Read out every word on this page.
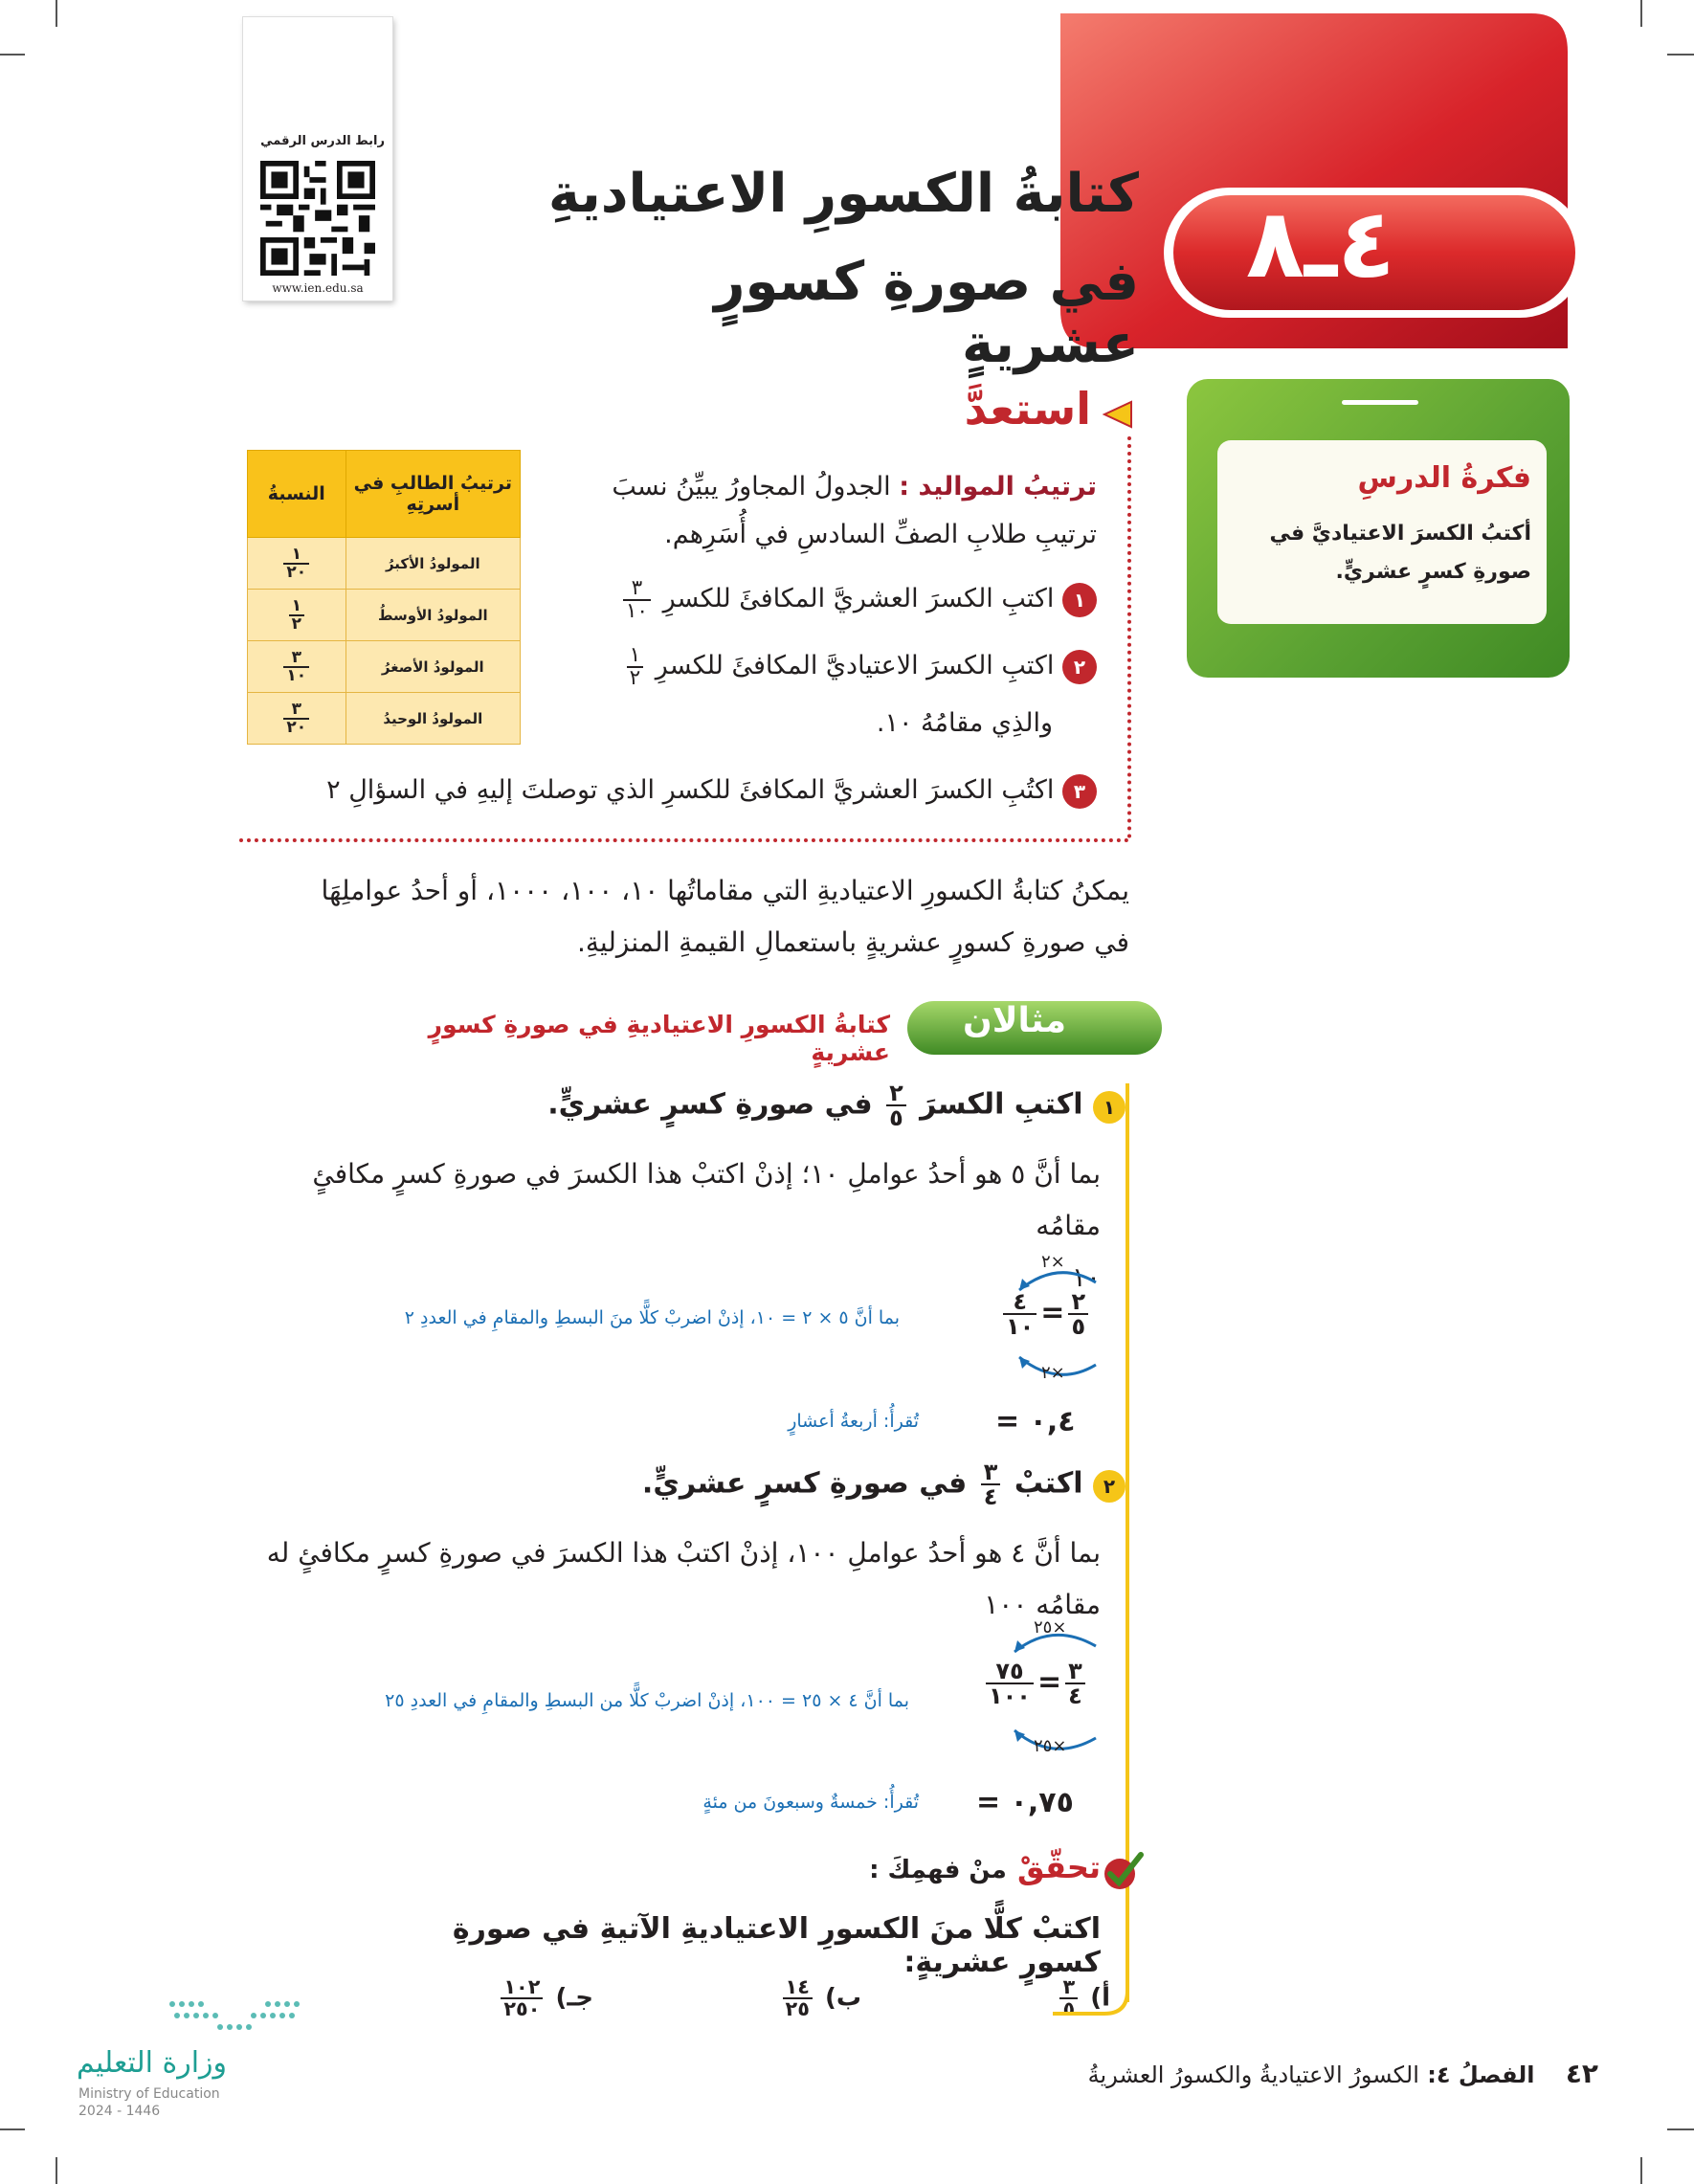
رابط الدرس الرقمي
www.ien.edu.sa	٤ـ٨
كتابةُ الكسورِ الاعتياديةِ
في صورةِ كسورٍ عشريةٍ
فكرةُ الدرسِ
أكتبُ الكسرَ الاعتياديَّ في صورةِ كسرٍ عشريٍّ.
استعدَّ
ترتيبُ المواليد : الجدولُ المجاورُ يبيِّنُ نسبَ
ترتيبِ طلابِ الصفِّ السادسِ في أُسَرِهم.
١ اكتبِ الكسرَ العشريَّ المكافئَ للكسرِ
$\frac{٣}{١٠}$
٢ اكتبِ الكسرَ الاعتياديَّ المكافئَ للكسرِ
$\frac{١}{٢}$
والذِي مقامُهُ ١٠.
٣ اكتُبِ الكسرَ العشريَّ المكافئَ للكسرِ الذي توصلتَ إليهِ في السؤالِ ٢
ترتيبُ الطالبِ في أسرتِهِ	النسبةُ
المولودُ الأكبرُ	$\frac{١}{٢٠}$

المولودُ الأوسطُ	$\frac{١}{٢}$

المولودُ الأصغرُ	$\frac{٣}{١٠}$

المولودُ الوحيدُ	$\frac{٣}{٢٠}$
يمكنُ كتابةُ الكسورِ الاعتياديةِ التي مقاماتُها ١٠، ١٠٠، ١٠٠٠، أو أحدُ عواملِهَا
في صورةِ كسورٍ عشريةٍ باستعمالِ القيمةِ المنزليةِ.
مثالان
كتابةُ الكسورِ الاعتياديةِ في صورةِ كسورٍ عشريةٍ
١ اكتبِ الكسرَ
$\frac{٢}{٥}$
في صورةِ كسرٍ عشريٍّ.
بما أنَّ ٥ هو أحدُ عواملِ ١٠؛ إذنْ اكتبْ هذا الكسرَ في صورةِ كسرٍ مكافئٍ مقامُه
١٠
٢×
٢×
$\frac{٤}{١٠} = \frac{٢}{٥}$
بما أنَّ ٥ × ٢ = ١٠، إذنْ اضربْ كلًّا منَ البسطِ والمقامِ في العددِ ٢
= ٠,٤
تُقرأُ: أربعةُ أعشارٍ
٢ اكتبْ
$\frac{٣}{٤}$
في صورةِ كسرٍ عشريٍّ.
بما أنَّ ٤ هو أحدُ عواملِ ١٠٠، إذنْ اكتبْ هذا الكسرَ في صورةِ كسرٍ مكافئٍ له
مقامُه ١٠٠
٢٥×
٢٥×
$\frac{٧٥}{١٠٠} = \frac{٣}{٤}$
بما أنَّ ٤ × ٢٥ = ١٠٠، إذنْ اضربْ كلًّا من البسطِ والمقامِ في العددِ ٢٥
= ٠,٧٥
تُقرأُ: خمسةٌ وسبعونَ من مئةٍ
تحقّقْ منْ فهمِكَ :
اكتبْ كلًّا منَ الكسورِ الاعتياديةِ الآتيةِ في صورةِ كسورٍ عشريةٍ:
أ)
$\frac{٣}{٥}$
ب)
$\frac{١٤}{٢٥}$
جـ)
$\frac{١٠٢}{٢٥٠}$
٤٢ الفصلُ ٤: الكسورُ الاعتياديةُ والكسورُ العشريةُ
وزارة التعليم
Ministry of Education
2024 - 1446
